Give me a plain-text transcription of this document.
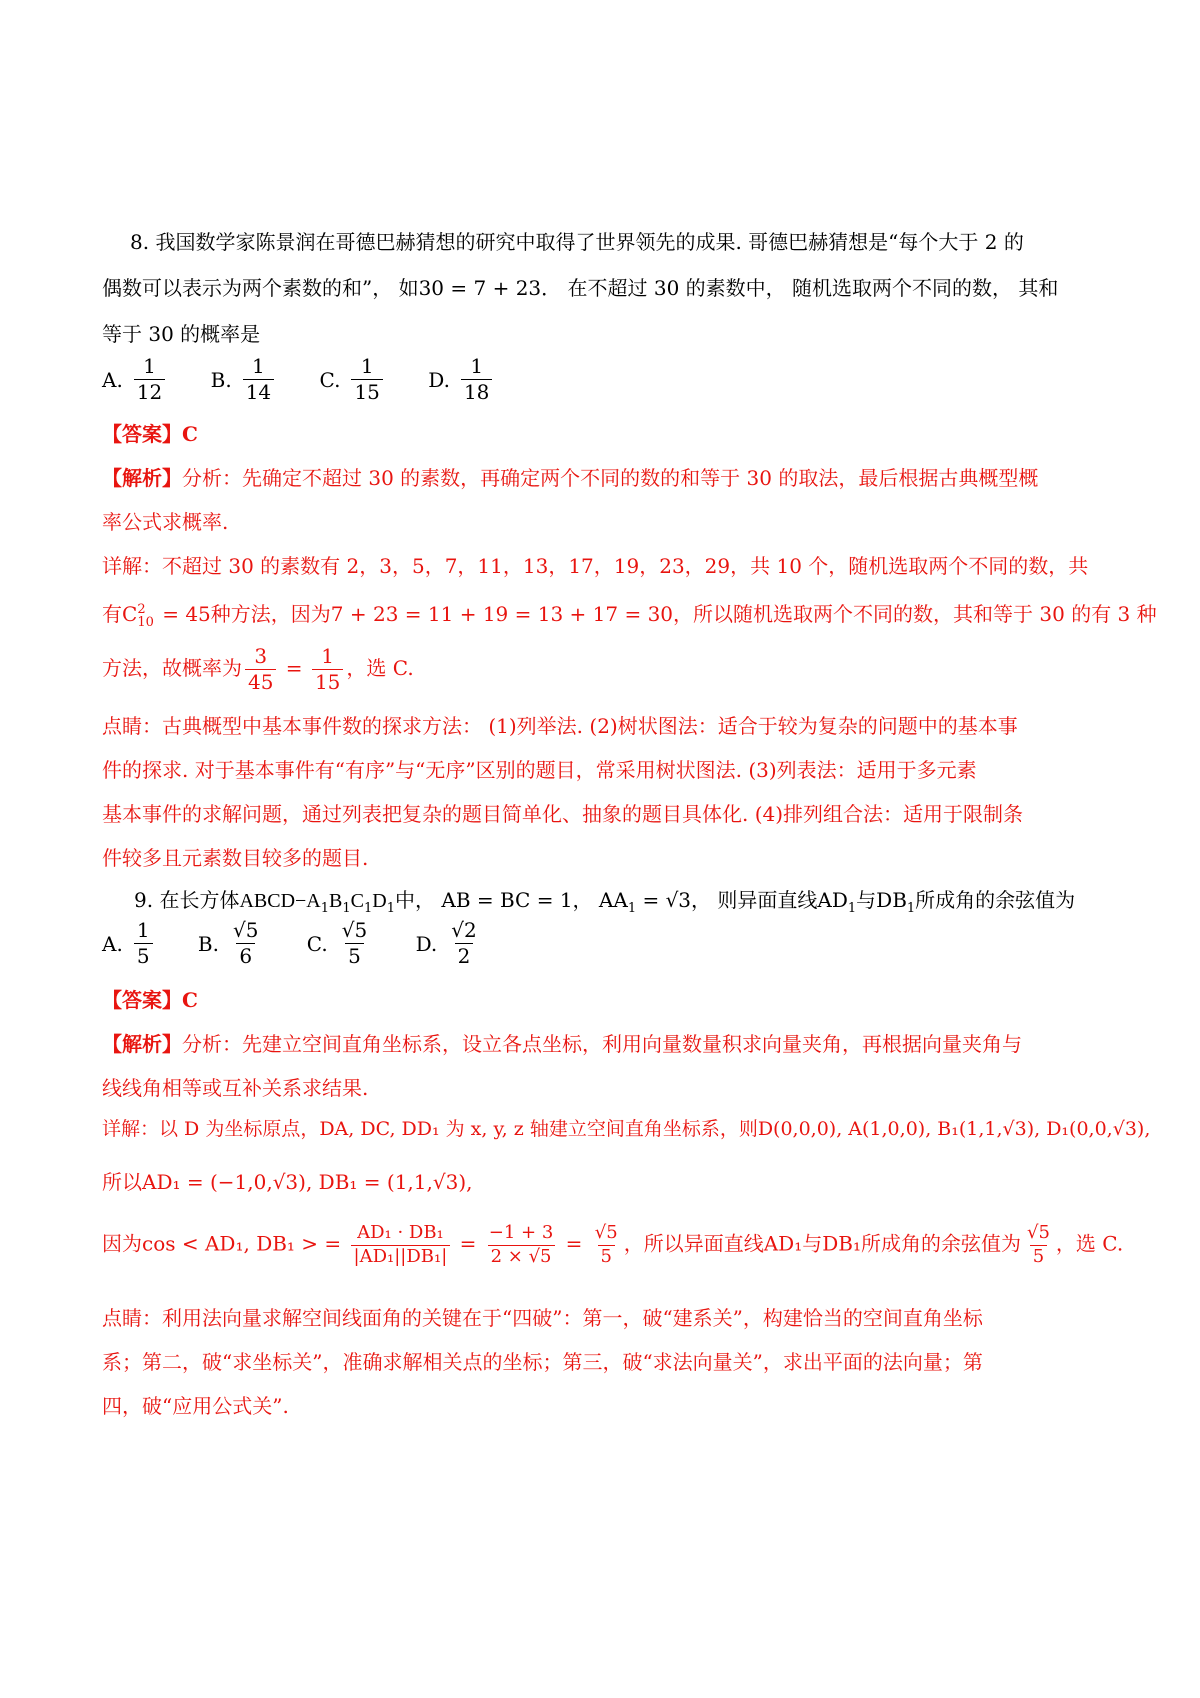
8. 我国数学家陈景润在哥德巴赫猜想的研究中取得了世界领先的成果. 哥德巴赫猜想是“每个大于 2 的
偶数可以表示为两个素数的和”， 如30 = 7 + 23． 在不超过 30 的素数中， 随机选取两个不同的数， 其和
等于 30 的概率是
A. $\frac{1}{12}$
B. $\frac{1}{14}$
C. $\frac{1}{15}$
D. $\frac{1}{18}$
【答案】C
【解析】分析：先确定不超过 30 的素数，再确定两个不同的数的和等于 30 的取法，最后根据古典概型概
率公式求概率.
详解：不超过 30 的素数有 2，3，5，7，11，13，17，19，23，29，共 10 个，随机选取两个不同的数，共
有C 2
10 = 45种方法，因为7 + 23 = 11 + 19 = 13 + 17 = 30，所以随机选取两个不同的数，其和等于 30 的有 3 种
方法，故概率为 $\frac{3}{45} = \frac{1}{15}$ ，选 C.
点睛：古典概型中基本事件数的探求方法： (1)列举法. (2)树状图法：适合于较为复杂的问题中的基本事
件的探求. 对于基本事件有“有序”与“无序”区别的题目，常采用树状图法. (3)列表法：适用于多元素
基本事件的求解问题，通过列表把复杂的题目简单化、抽象的题目具体化. (4)排列组合法：适用于限制条
件较多且元素数目较多的题目.
9. 在长方体$ABCD-A_1B_1C_1D_1$中， AB = BC = 1， $AA_1 = √3$， 则异面直线$AD_1$与$DB_1$所成角的余弦值为
A. $\frac{1}{5}$
B. $\frac{√5}{6}$
C. $\frac{√5}{5}$
D. $\frac{√2}{2}$
【答案】C
【解析】分析：先建立空间直角坐标系，设立各点坐标，利用向量数量积求向量夹角，再根据向量夹角与
线线角相等或互补关系求结果.
详解：以 D 为坐标原点，DA, DC, DD₁ 为 x, y, z 轴建立空间直角坐标系，则D(0,0,0), A(1,0,0), B₁(1,1,√3), D₁(0,0,√3),
所以AD₁ = (−1,0,√3), DB₁ = (1,1,√3),
因为cos < AD₁, DB₁ > = $\frac{\text{AD₁ · DB₁}}{\text{|AD₁||DB₁|}} = \frac{-1 + 3}{2 \times √5} = \frac{√5}{5}$ ，所以异面直线AD₁与DB₁所成角的余弦值为 $\frac{√5}{5}$ ，选 C.
点睛：利用法向量求解空间线面角的关键在于“四破”：第一，破“建系关”，构建恰当的空间直角坐标
系；第二，破“求坐标关”，准确求解相关点的坐标；第三，破“求法向量关”，求出平面的法向量；第
四，破“应用公式关”.
